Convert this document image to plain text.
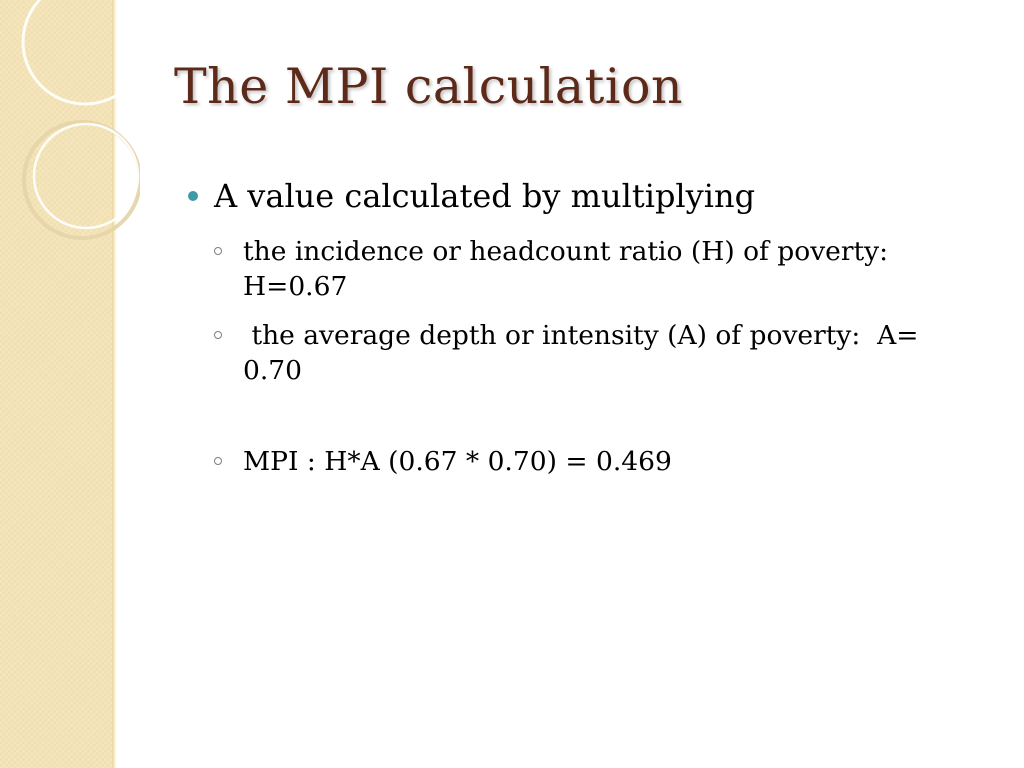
The MPI calculation
A value calculated by multiplying
the incidence or headcount ratio (H) of poverty: H=0.67
the average depth or intensity (A) of poverty:  A= 0.70
MPI : H*A (0.67 * 0.70) = 0.469
